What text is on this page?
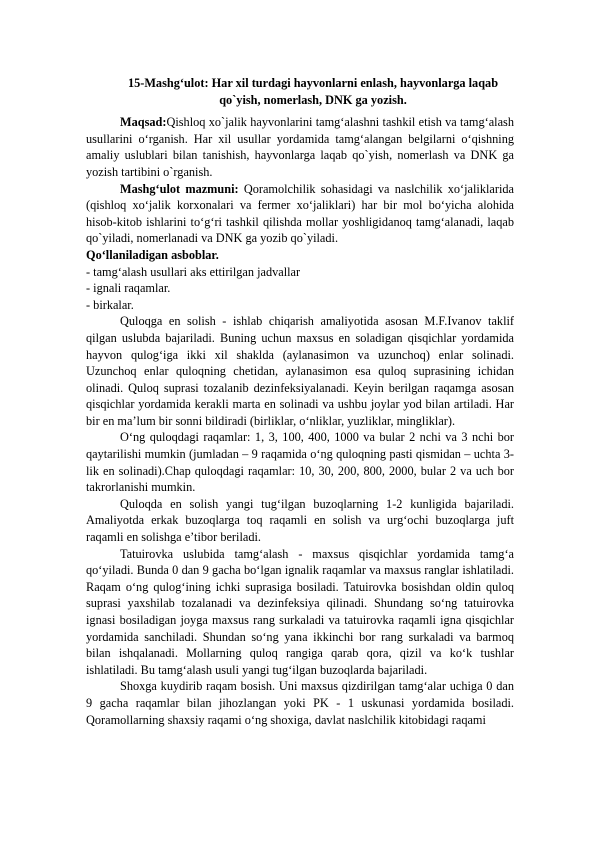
15-Mashg‘ulot: Har xil turdagi hayvonlarni enlash, hayvonlarga laqab qo`yish, nomerlash, DNK ga yozish.

Maqsad:Qishloq xo`jalik hayvonlarini tamg‘alashni tashkil etish va tamg‘alash usullarini o‘rganish. Har xil usullar yordamida tamg‘alangan belgilarni o‘qishning amaliy uslublari bilan tanishish, hayvonlarga laqab qo`yish, nomerlash va DNK ga yozish tartibini o`rganish.

Mashg‘ulot mazmuni: Qoramolchilik sohasidagi va naslchilik xo‘jaliklarida (qishloq xo‘jalik korxonalari va fermer xo‘jaliklari) har bir mol bo‘yicha alohida hisob-kitob ishlarini to‘g‘ri tashkil qilishda mollar yoshligidanoq tamg‘alanadi, laqab qo`yiladi, nomerlanadi va DNK ga yozib qo`yiladi.

Qo‘llaniladigan asboblar.

- tamg‘alash usullari aks ettirilgan jadvallar

- ignali raqamlar.

- birkalar.

Quloqga en solish - ishlab chiqarish amaliyotida asosan M.F.Ivanov taklif qilgan uslubda bajariladi. Buning uchun maxsus en soladigan qisqichlar yordamida hayvon qulog‘iga ikki xil shaklda (aylanasimon va uzunchoq) enlar solinadi. Uzunchoq enlar quloqning chetidan, aylanasimon esa quloq suprasining ichidan olinadi. Quloq suprasi tozalanib dezinfeksiyalanadi. Keyin berilgan raqamga asosan qisqichlar yordamida kerakli marta en solinadi va ushbu joylar yod bilan artiladi. Har bir en ma’lum bir sonni bildiradi (birliklar, o‘nliklar, yuzliklar, mingliklar).

O‘ng quloqdagi raqamlar: 1, 3, 100, 400, 1000 va bular 2 nchi va 3 nchi bor qaytarilishi mumkin (jumladan – 9 raqamida o‘ng quloqning pasti qismidan – uchta 3-lik en solinadi).Chap quloqdagi raqamlar: 10, 30, 200, 800, 2000, bular 2 va uch bor takrorlanishi mumkin.

Quloqda en solish yangi tug‘ilgan buzoqlarning 1-2 kunligida bajariladi. Amaliyotda erkak buzoqlarga toq raqamli en solish va urg‘ochi buzoqlarga juft raqamli en solishga e’tibor beriladi.

Tatuirovka uslubida tamg‘alash - maxsus qisqichlar yordamida tamg‘a qo‘yiladi. Bunda 0 dan 9 gacha bo‘lgan ignalik raqamlar va maxsus ranglar ishlatiladi. Raqam o‘ng qulog‘ining ichki suprasiga bosiladi. Tatuirovka bosishdan oldin quloq suprasi yaxshilab tozalanadi va dezinfeksiya qilinadi. Shundang so‘ng tatuirovka ignasi bosiladigan joyga maxsus rang surkaladi va tatuirovka raqamli igna qisqichlar yordamida sanchiladi. Shundan so‘ng yana ikkinchi bor rang surkaladi va barmoq bilan ishqalanadi. Mollarning quloq rangiga qarab qora, qizil va ko‘k tushlar ishlatiladi. Bu tamg‘alash usuli yangi tug‘ilgan buzoqlarda bajariladi.

Shoxga kuydirib raqam bosish. Uni maxsus qizdirilgan tamg‘alar uchiga 0 dan 9 gacha raqamlar bilan jihozlangan yoki PK - 1 uskunasi yordamida bosiladi. Qoramollarning shaxsiy raqami o‘ng shoxiga, davlat naslchilik kitobidagi raqami
